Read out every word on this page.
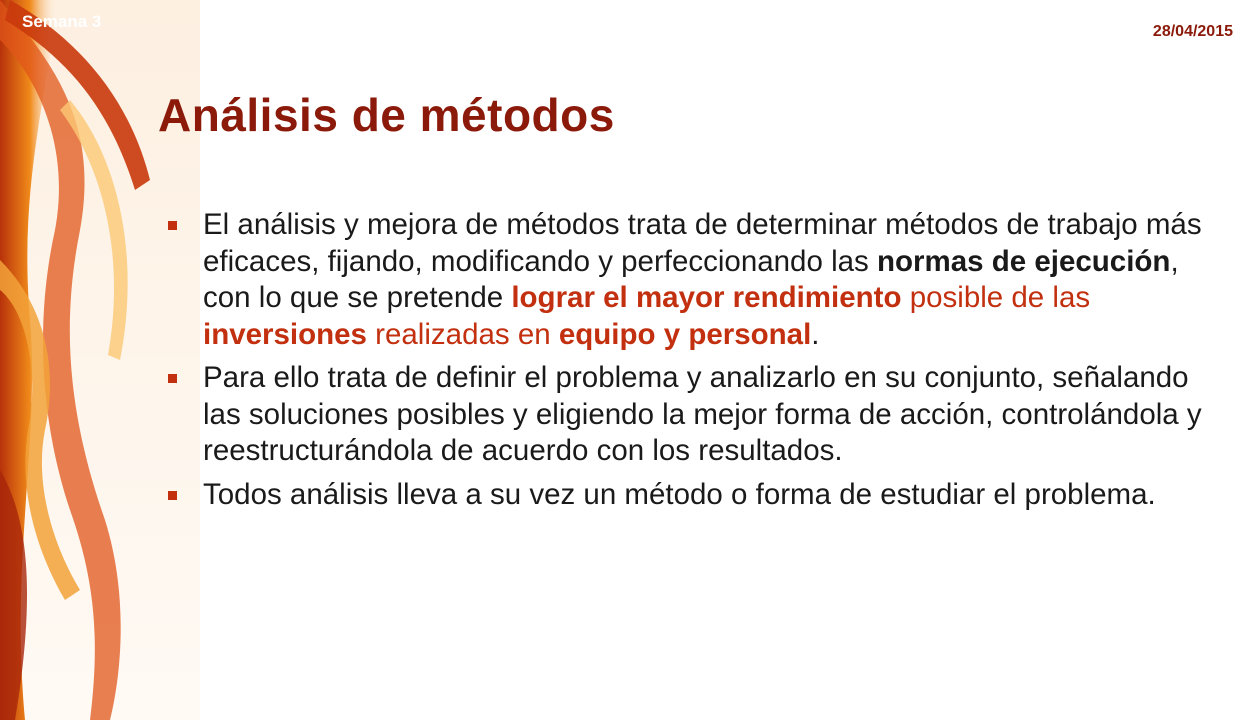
Semana 3
28/04/2015
Análisis de métodos
El análisis y mejora de métodos trata de determinar métodos de trabajo más eficaces, fijando, modificando y perfeccionando las normas de ejecución, con lo que se pretende lograr el mayor rendimiento posible de las inversiones realizadas en equipo y personal.
Para ello trata de definir el problema y analizarlo en su conjunto, señalando las soluciones posibles y eligiendo la mejor forma de acción, controlándola y reestructurándola de acuerdo con los resultados.
Todos análisis lleva a su vez un método o forma de estudiar el problema.
